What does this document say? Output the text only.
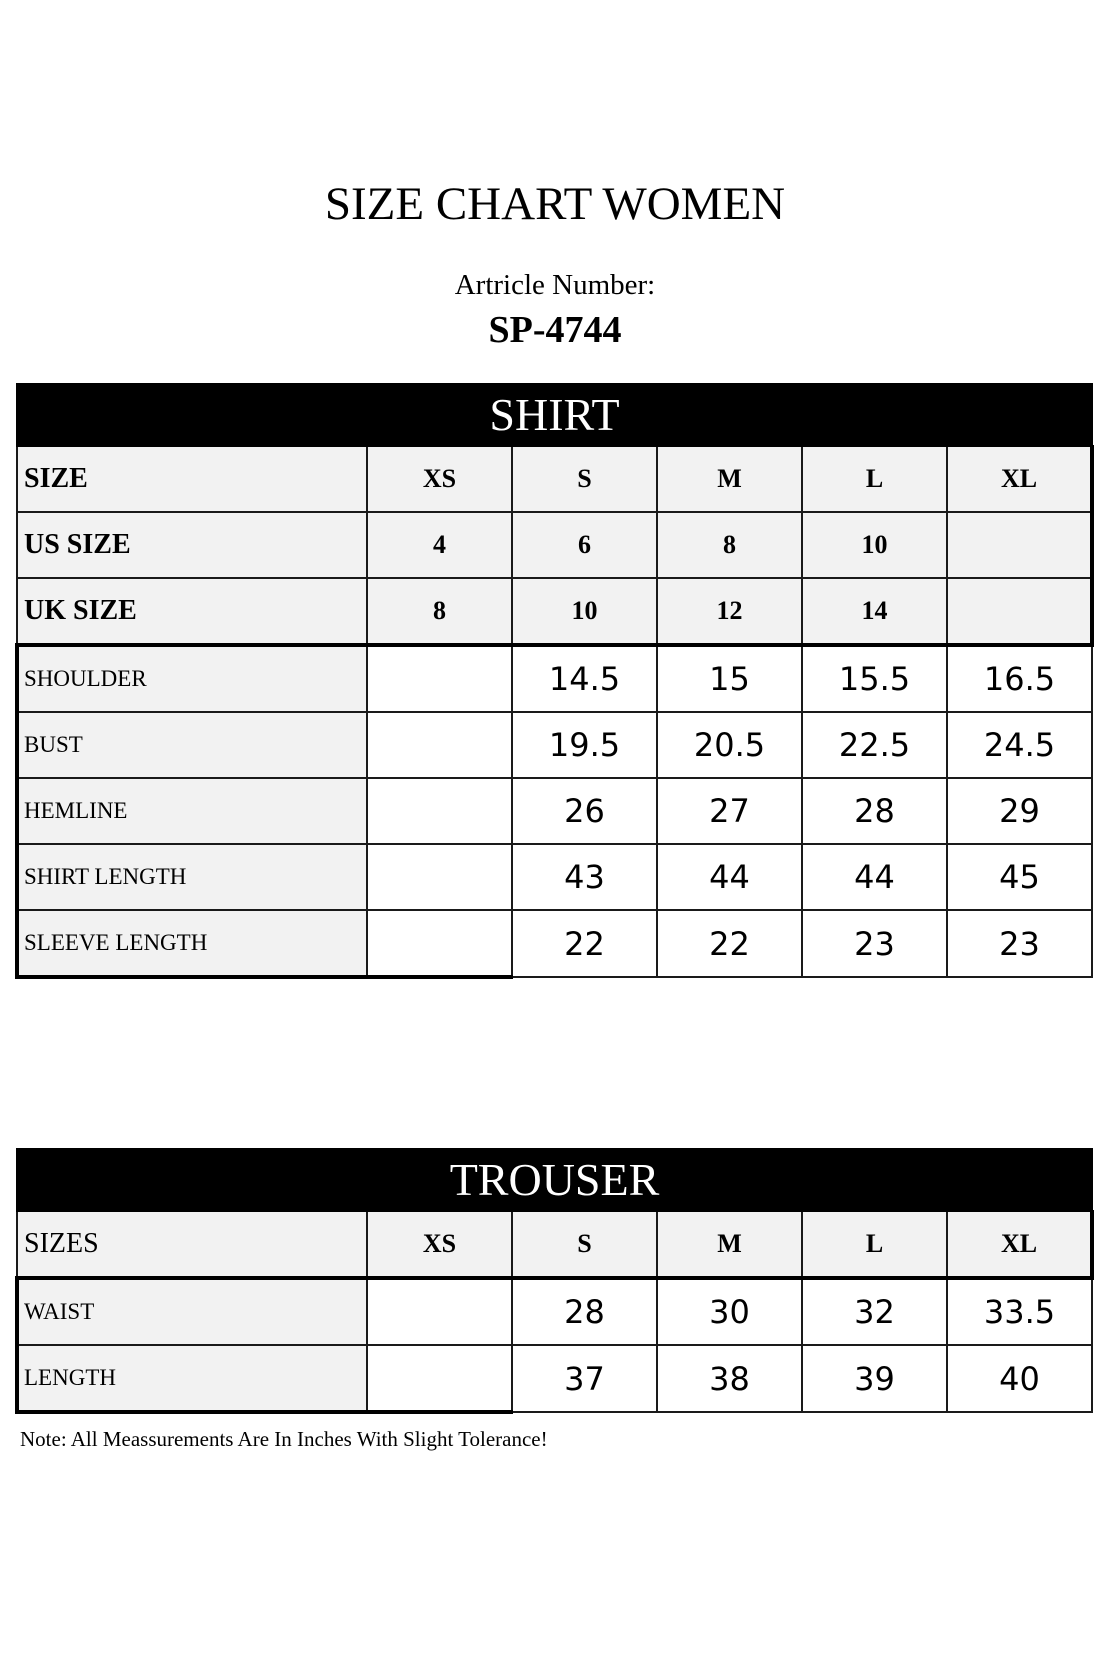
SIZE CHART WOMEN
Artricle Number:
SP-4744
SHIRT					
SIZE	XS	S	M	L	XL
US SIZE	4	6	8	10	
UK SIZE	8	10	12	14	
SHOULDER		14.5	15	15.5	16.5
BUST		19.5	20.5	22.5	24.5
HEMLINE		26	27	28	29
SHIRT LENGTH		43	44	44	45
SLEEVE LENGTH		22	22	23	23
TROUSER					
SIZES	XS	S	M	L	XL
WAIST		28	30	32	33.5
LENGTH		37	38	39	40
Note: All Meassurements Are In Inches With Slight Tolerance!
